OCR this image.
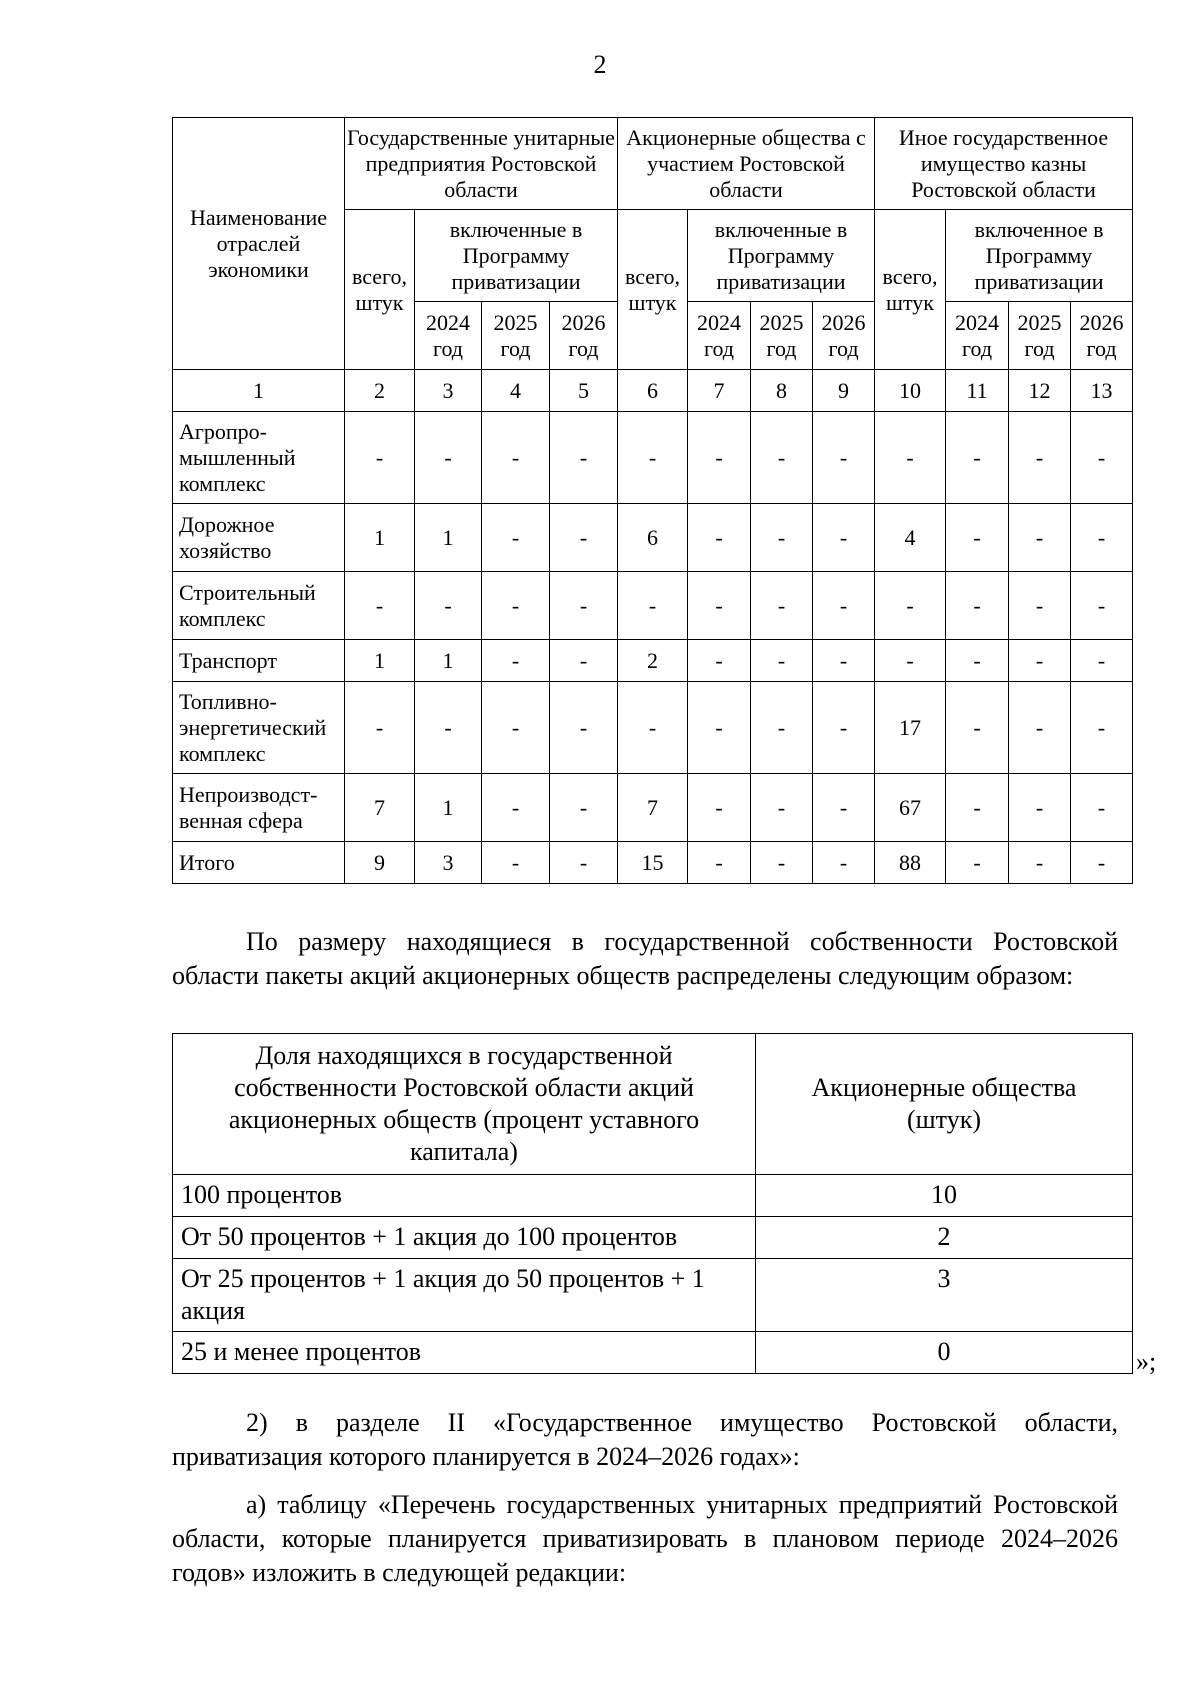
2
Наименование отраслей экономики	Государственные унитарные предприятия Ростовской области				Акционерные общества с участием Ростовской области				Иное государственное имущество казны Ростовской области			
	всего, штук	включенные в Программу приватизации			всего, штук	включенные в Программу приватизации			всего, штук	включенное в Программу приватизации		
		2024 год	2025 год	2026 год		2024 год	2025 год	2026 год		2024 год	2025 год	2026 год
1	2	3	4	5	6	7	8	9	10	11	12	13
Агропро-мышленный комплекс	-	-	-	-	-	-	-	-	-	-	-	-
Дорожное хозяйство	1	1	-	-	6	-	-	-	4	-	-	-
Строительный комплекс	-	-	-	-	-	-	-	-	-	-	-	-
Транспорт	1	1	-	-	2	-	-	-	-	-	-	-
Топливно-энергетический комплекс	-	-	-	-	-	-	-	-	17	-	-	-
Непроизводст-венная сфера	7	1	-	-	7	-	-	-	67	-	-	-
Итого	9	3	-	-	15	-	-	-	88	-	-	-
По размеру находящиеся в государственной собственности Ростовской области пакеты акций акционерных обществ распределены следующим образом:
Доля находящихся в государственной собственности Ростовской области акций акционерных обществ (процент уставного капитала)	Акционерные общества (штук)
100 процентов	10
От 50 процентов + 1 акция до 100 процентов	2
От 25 процентов + 1 акция до 50 процентов + 1 акция	3
25 и менее процентов	0	»;
2) в разделе II «Государственное имущество Ростовской области, приватизация которого планируется в 2024–2026 годах»:
а) таблицу «Перечень государственных унитарных предприятий Ростовской области, которые планируется приватизировать в плановом периоде 2024–2026 годов» изложить в следующей редакции:
